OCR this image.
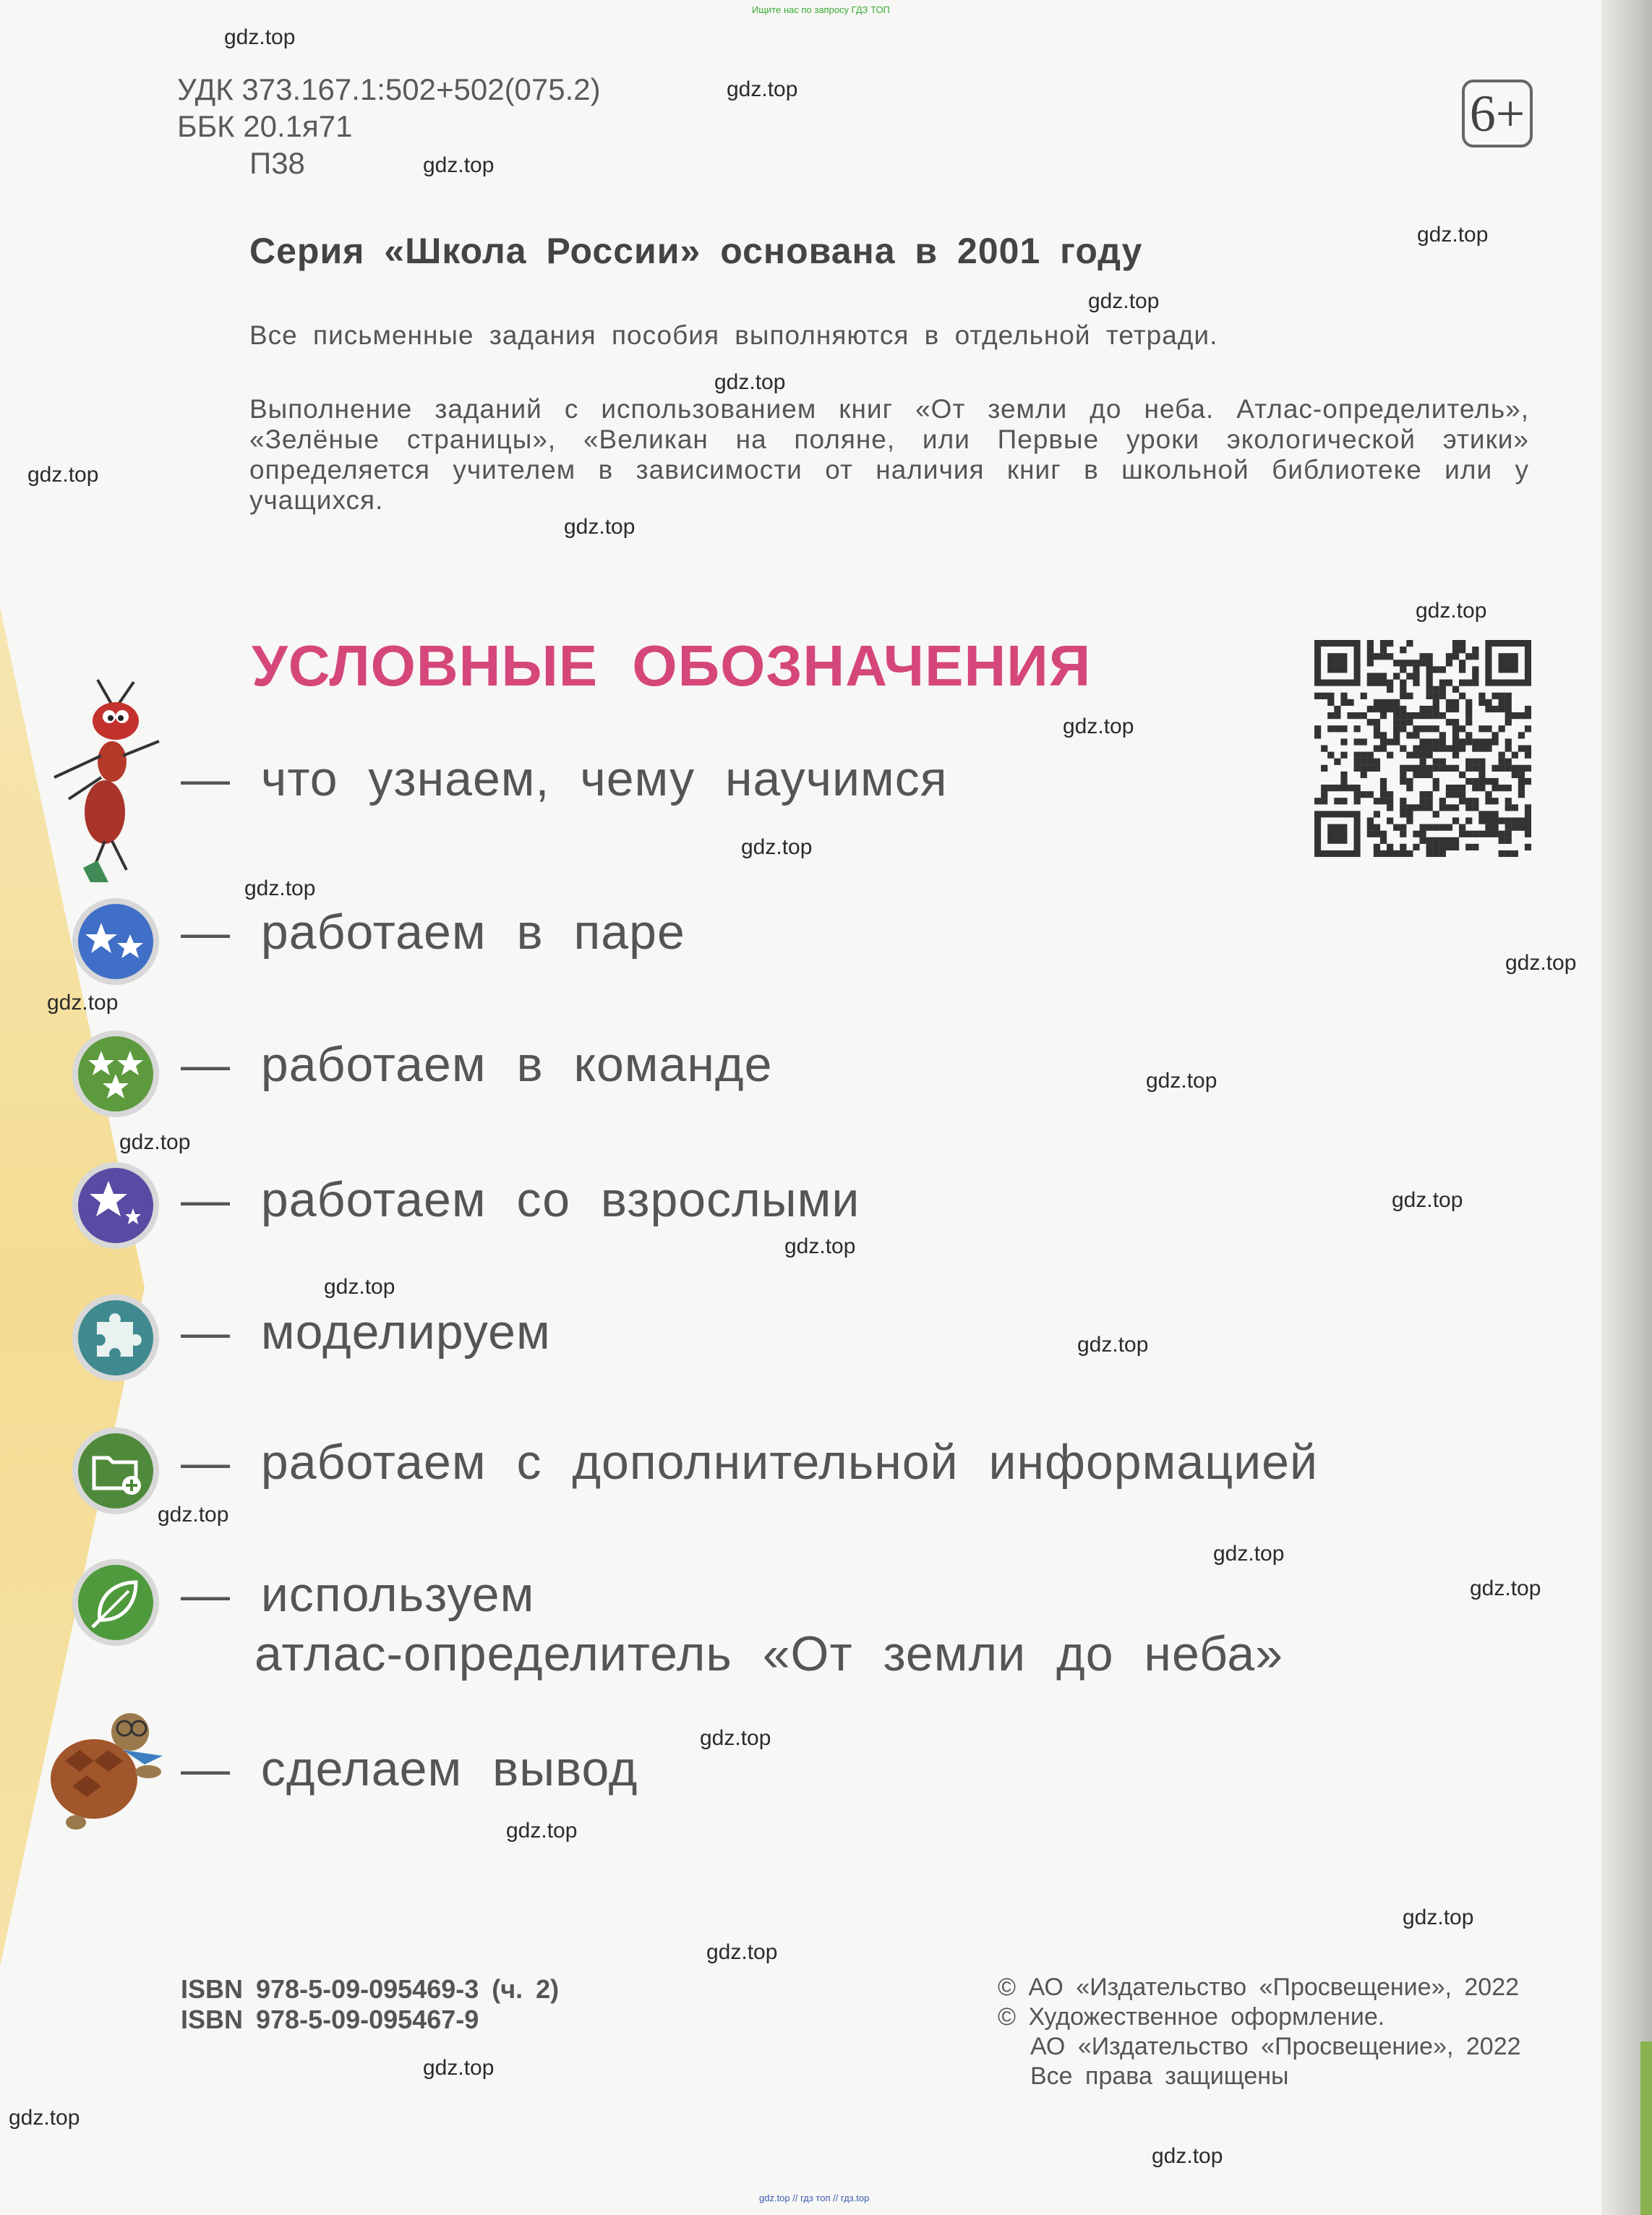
Ищите нас по запросу ГДЗ ТОП
УДК 373.167.1:502+502(075.2)
ББК 20.1я71
П38
6+
Серия «Школа России» основана в 2001 году
Все письменные задания пособия выполняются в отдельной тетради.
Выполнение заданий с использованием книг «От земли до неба. Атлас-определитель», «Зелёные страницы», «Великан на поляне, или Первые уроки экологической этики» определяется учителем в зависимости от наличия книг в школьной библиотеке или у учащихся.
УСЛОВНЫЕ ОБОЗНАЧЕНИЯ
— что узнаем, чему научимся
— работаем в паре
— работаем в команде
— работаем со взрослыми
— моделируем
— работаем с дополнительной информацией
— используем
атлас-определитель «От земли до неба»
— сделаем вывод
ISBN 978-5-09-095469-3 (ч. 2)
ISBN 978-5-09-095467-9
© АО «Издательство «Просвещение», 2022
© Художественное оформление.
АО «Издательство «Просвещение», 2022
Все права защищены
gdz.top
gdz.top
gdz.top
gdz.top
gdz.top
gdz.top
gdz.top
gdz.top
gdz.top
gdz.top
gdz.top
gdz.top
gdz.top
gdz.top
gdz.top
gdz.top
gdz.top
gdz.top
gdz.top
gdz.top
gdz.top
gdz.top
gdz.top
gdz.top
gdz.top
gdz.top
gdz.top
gdz.top
gdz.top
gdz.top
gdz.top // гдз топ // гдз.top
